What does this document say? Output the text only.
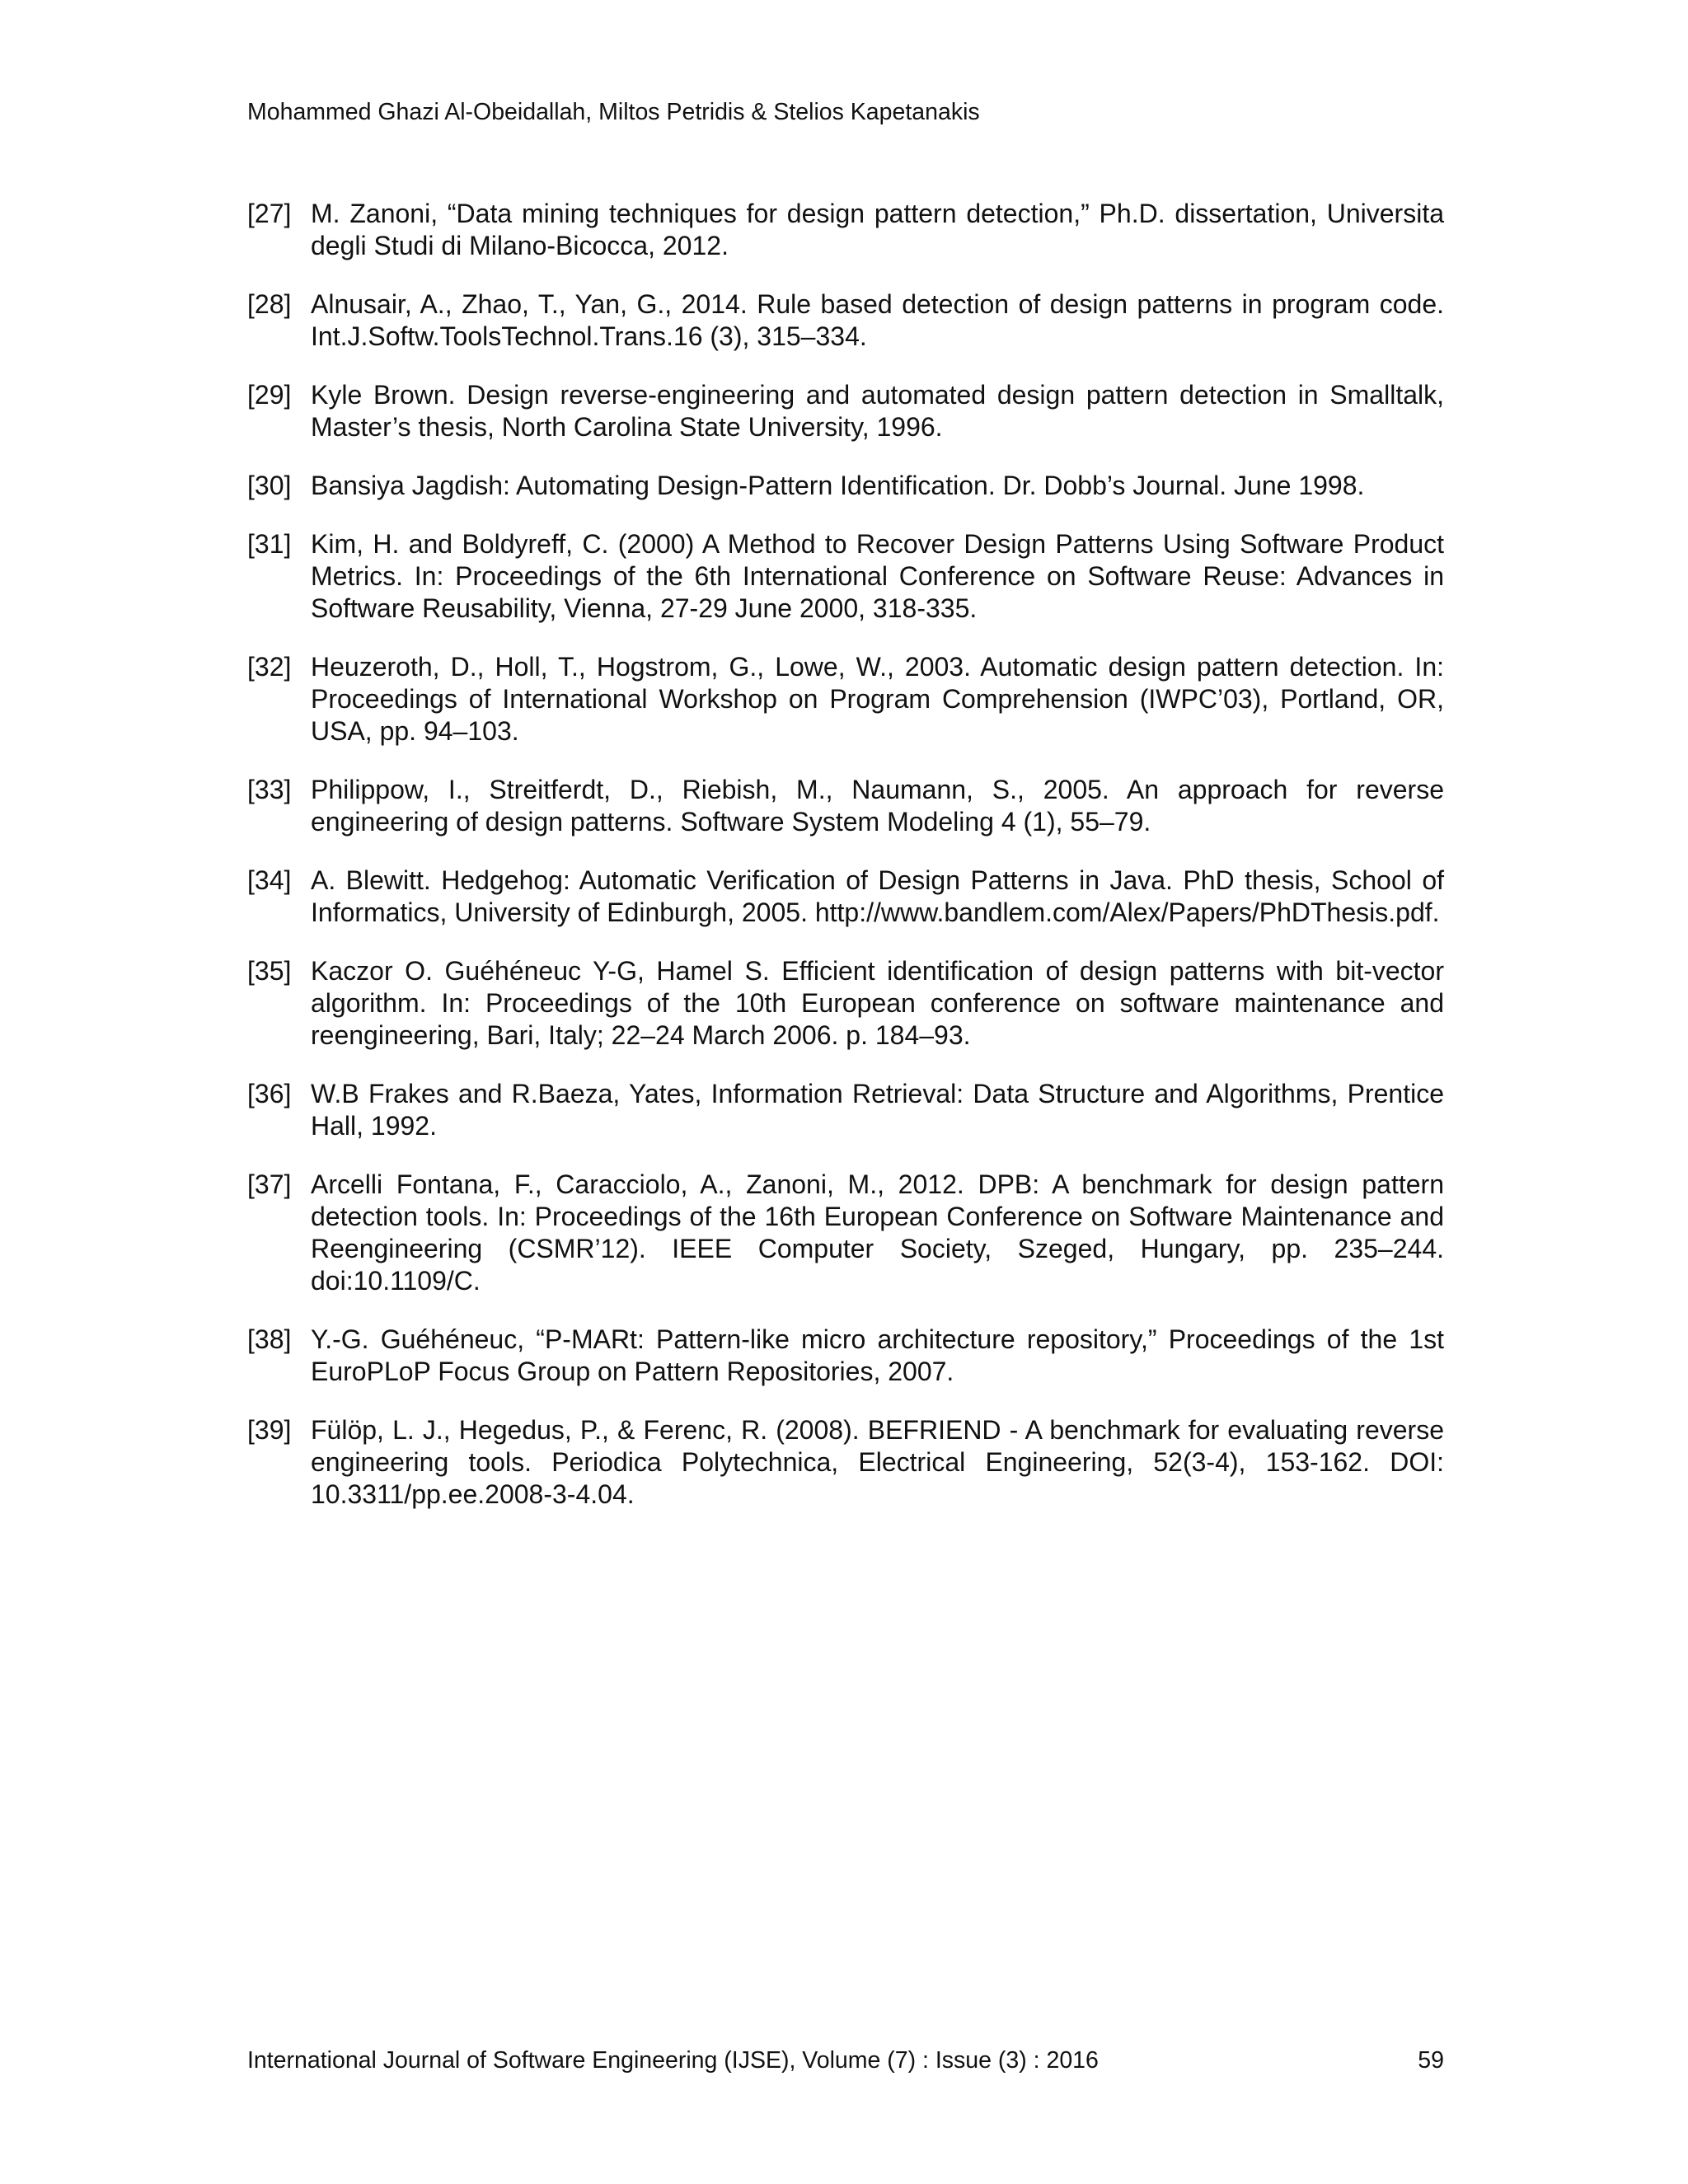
Mohammed Ghazi Al-Obeidallah, Miltos Petridis & Stelios Kapetanakis
[27] M. Zanoni, “Data mining techniques for design pattern detection,” Ph.D. dissertation, Universita degli Studi di Milano-Bicocca, 2012.
[28] Alnusair, A., Zhao, T., Yan, G., 2014. Rule based detection of design patterns in program code. Int.J.Softw.ToolsTechnol.Trans.16 (3), 315–334.
[29] Kyle Brown. Design reverse-engineering and automated design pattern detection in Smalltalk, Master’s thesis, North Carolina State University, 1996.
[30] Bansiya Jagdish: Automating Design-Pattern Identification. Dr. Dobb’s Journal. June 1998.
[31] Kim, H. and Boldyreff, C. (2000) A Method to Recover Design Patterns Using Software Product Metrics. In: Proceedings of the 6th International Conference on Software Reuse: Advances in Software Reusability, Vienna, 27-29 June 2000, 318-335.
[32] Heuzeroth, D., Holl, T., Hogstrom, G., Lowe, W., 2003. Automatic design pattern detection. In: Proceedings of International Workshop on Program Comprehension (IWPC’03), Portland, OR, USA, pp. 94–103.
[33] Philippow, I., Streitferdt, D., Riebish, M., Naumann, S., 2005. An approach for reverse engineering of design patterns. Software System Modeling 4 (1), 55–79.
[34] A. Blewitt. Hedgehog: Automatic Verification of Design Patterns in Java. PhD thesis, School of Informatics, University of Edinburgh, 2005. http://www.bandlem.com/Alex/Papers/PhDThesis.pdf.
[35] Kaczor O. Guéhéneuc Y-G, Hamel S. Efficient identification of design patterns with bit-vector algorithm. In: Proceedings of the 10th European conference on software maintenance and reengineering, Bari, Italy; 22–24 March 2006. p. 184–93.
[36] W.B Frakes and R.Baeza, Yates, Information Retrieval: Data Structure and Algorithms, Prentice Hall, 1992.
[37] Arcelli Fontana, F., Caracciolo, A., Zanoni, M., 2012. DPB: A benchmark for design pattern detection tools. In: Proceedings of the 16th European Conference on Software Maintenance and Reengineering (CSMR’12). IEEE Computer Society, Szeged, Hungary, pp. 235–244. doi:10.1109/C.
[38] Y.-G. Guéhéneuc, “P-MARt: Pattern-like micro architecture repository,” Proceedings of the 1st EuroPLoP Focus Group on Pattern Repositories, 2007.
[39] Fülöp, L. J., Hegedus, P., & Ferenc, R. (2008). BEFRIEND - A benchmark for evaluating reverse engineering tools. Periodica Polytechnica, Electrical Engineering, 52(3-4), 153-162. DOI: 10.3311/pp.ee.2008-3-4.04.
International Journal of Software Engineering (IJSE), Volume (7) : Issue (3) : 2016	59
